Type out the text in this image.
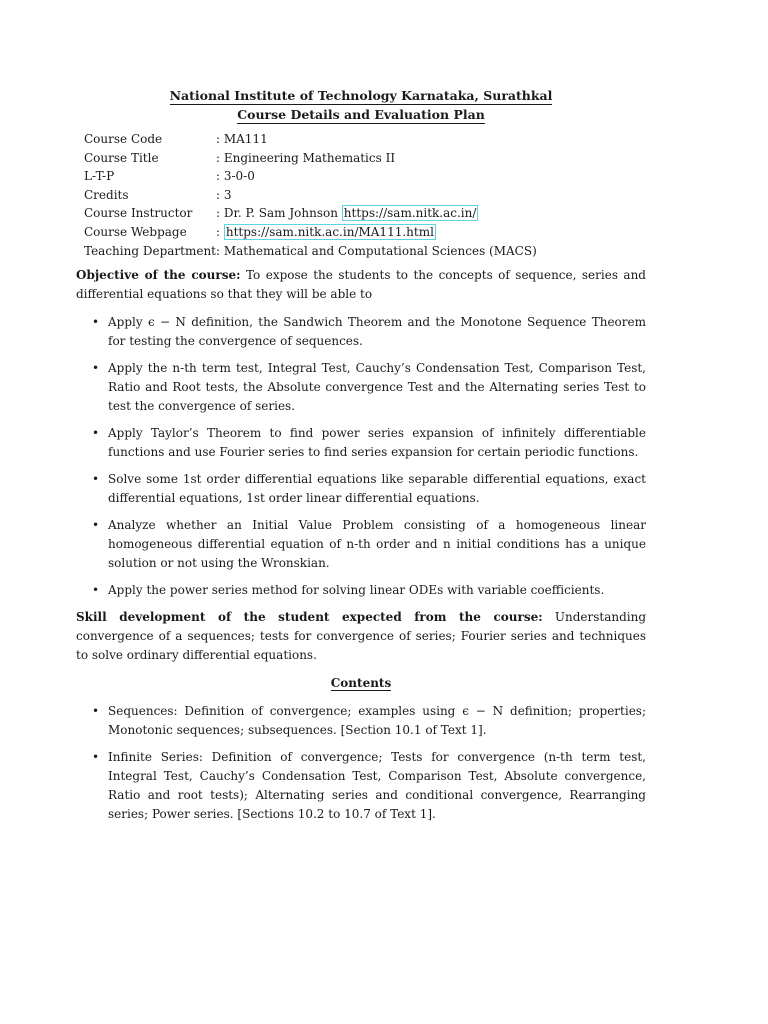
National Institute of Technology Karnataka, Surathkal
Course Details and Evaluation Plan
Course Code	: MA111
Course Title	: Engineering Mathematics II
L-T-P	: 3-0-0
Credits	: 3
Course Instructor	: Dr. P. Sam Johnson https://sam.nitk.ac.in/
Course Webpage	: https://sam.nitk.ac.in/MA111.html
Teaching Department : Mathematical and Computational Sciences (MACS)
Objective of the course: To expose the students to the concepts of sequence, series and differential equations so that they will be able to
• Apply ϵ − N definition, the Sandwich Theorem and the Monotone Sequence Theorem for testing the convergence of sequences.
• Apply the n-th term test, Integral Test, Cauchy’s Condensation Test, Comparison Test, Ratio and Root tests, the Absolute convergence Test and the Alternating series Test to test the convergence of series.
• Apply Taylor’s Theorem to find power series expansion of infinitely differentiable functions and use Fourier series to find series expansion for certain periodic functions.
• Solve some 1st order differential equations like separable differential equations, exact differential equations, 1st order linear differential equations.
• Analyze whether an Initial Value Problem consisting of a homogeneous linear homogeneous differential equation of n-th order and n initial conditions has a unique solution or not using the Wronskian.
• Apply the power series method for solving linear ODEs with variable coefficients.
Skill development of the student expected from the course: Understanding convergence of a sequences; tests for convergence of series; Fourier series and techniques to solve ordinary differential equations.
Contents
• Sequences: Definition of convergence; examples using ϵ − N definition; properties; Monotonic sequences; subsequences. [Section 10.1 of Text 1].
• Infinite Series: Definition of convergence; Tests for convergence (n-th term test, Integral Test, Cauchy’s Condensation Test, Comparison Test, Absolute convergence, Ratio and root tests); Alternating series and conditional convergence, Rearranging series; Power series. [Sections 10.2 to 10.7 of Text 1].
